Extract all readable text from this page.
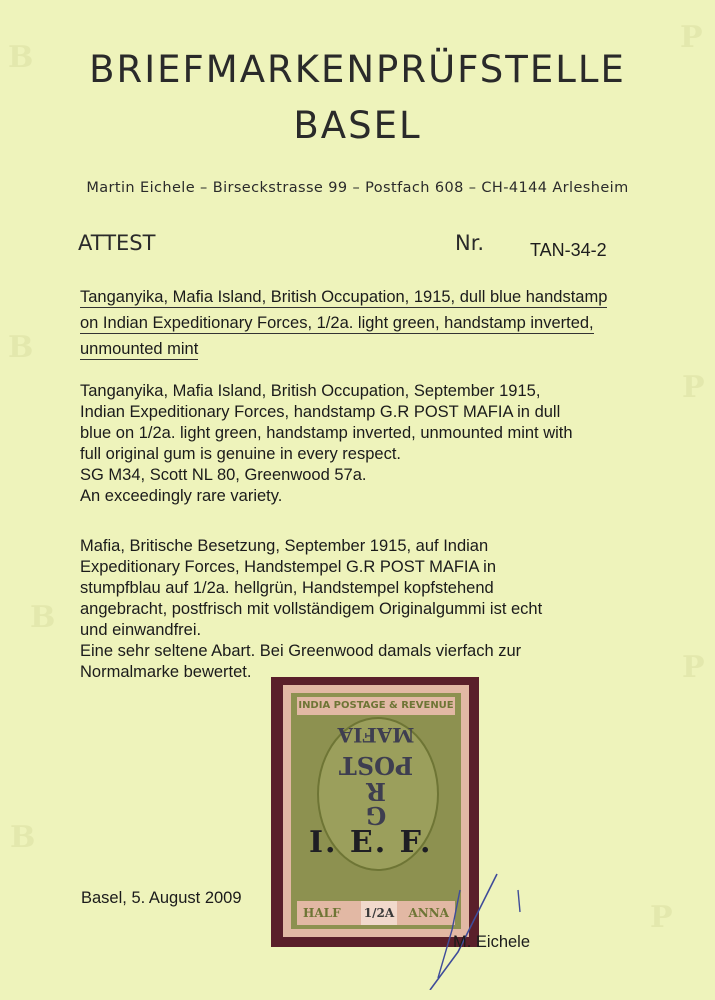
B
P
B
P
B
P
B
P
BRIEFMARKENPRÜFSTELLE
BASEL
Martin Eichele – Birseckstrasse 99 – Postfach 608 – CH-4144 Arlesheim
ATTEST	Nr.	TAN-34-2
Tanganyika, Mafia Island, British Occupation, 1915, dull blue handstamp
on Indian Expeditionary Forces, 1/2a. light green, handstamp inverted,
unmounted mint
Tanganyika, Mafia Island, British Occupation, September 1915,
Indian Expeditionary Forces, handstamp G.R POST MAFIA in dull
blue on 1/2a. light green, handstamp inverted, unmounted mint with
full original gum is genuine in every respect.
SG M34, Scott NL 80, Greenwood 57a.
An exceedingly rare variety.
Mafia, Britische Besetzung, September 1915, auf Indian
Expeditionary Forces, Handstempel G.R POST MAFIA in
stumpfblau auf 1/2a. hellgrün, Handstempel kopfstehend
angebracht, postfrisch mit vollständigem Originalgummi ist echt
und einwandfrei.
Eine sehr seltene Abart. Bei Greenwood damals vierfach zur
Normalmarke bewertet.
INDIA POSTAGE & REVENUE
MAFIA
POST
R
G
I. E. F.
HALF 1/2A ANNA
Basel, 5. August 2009
M. Eichele
